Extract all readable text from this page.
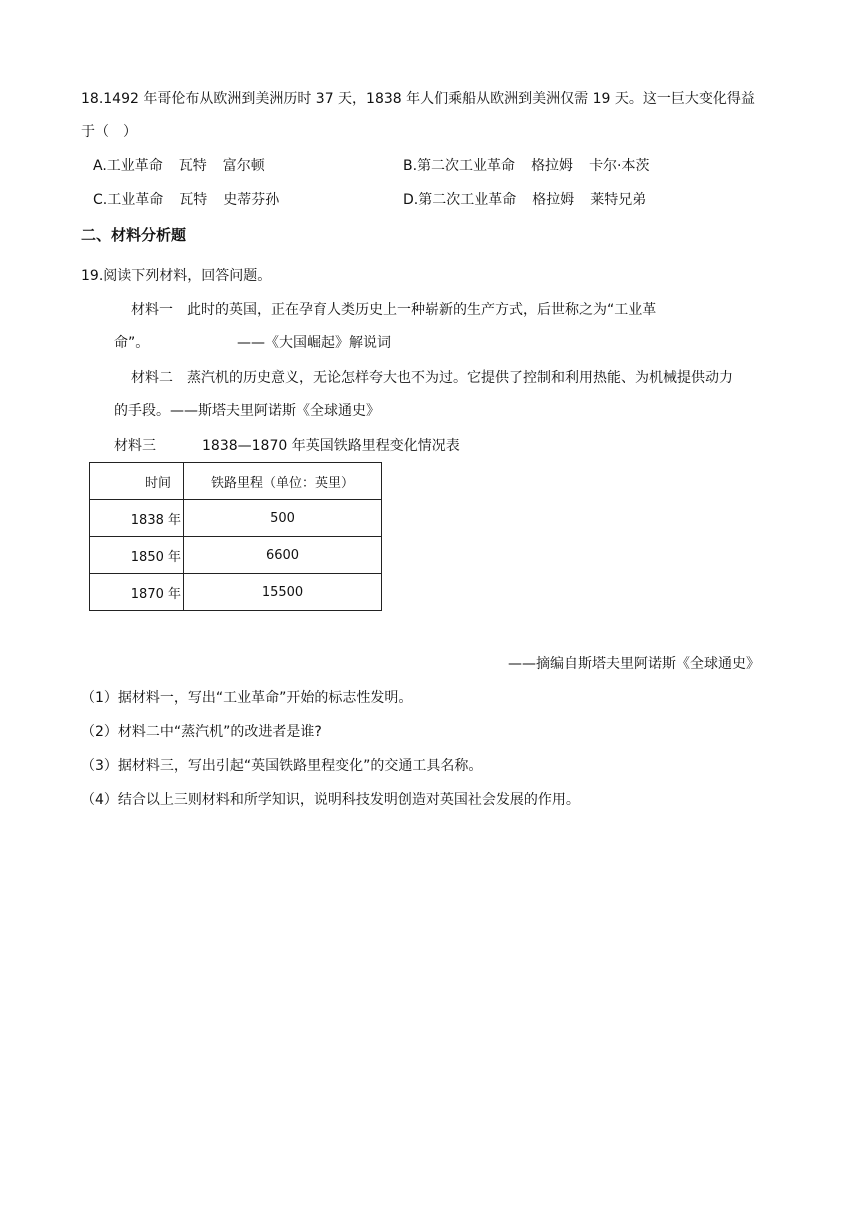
18.1492 年哥伦布从欧洲到美洲历时 37 天，1838 年人们乘船从欧洲到美洲仅需 19 天。这一巨大变化得益
于（　）
A.工业革命 瓦特 富尔顿	B.第二次工业革命 格拉姆 卡尔·本茨
C.工业革命 瓦特 史蒂芬孙	D.第二次工业革命 格拉姆 莱特兄弟
二、材料分析题
19.阅读下列材料，回答问题。
材料一　此时的英国，正在孕育人类历史上一种崭新的生产方式，后世称之为“工业革
命”。	——《大国崛起》解说词
材料二　蒸汽机的历史意义，无论怎样夸大也不为过。它提供了控制和利用热能、为机械提供动力
的手段。——斯塔夫里阿诺斯《全球通史》
材料三	1838—1870 年英国铁路里程变化情况表
时间	铁路里程（单位：英里）
1838 年	500
1850 年	6600
1870 年	15500
——摘编自斯塔夫里阿诺斯《全球通史》
（1）据材料一，写出“工业革命”开始的标志性发明。
（2）材料二中“蒸汽机”的改进者是谁?
（3）据材料三，写出引起“英国铁路里程变化”的交通工具名称。
（4）结合以上三则材料和所学知识，说明科技发明创造对英国社会发展的作用。
